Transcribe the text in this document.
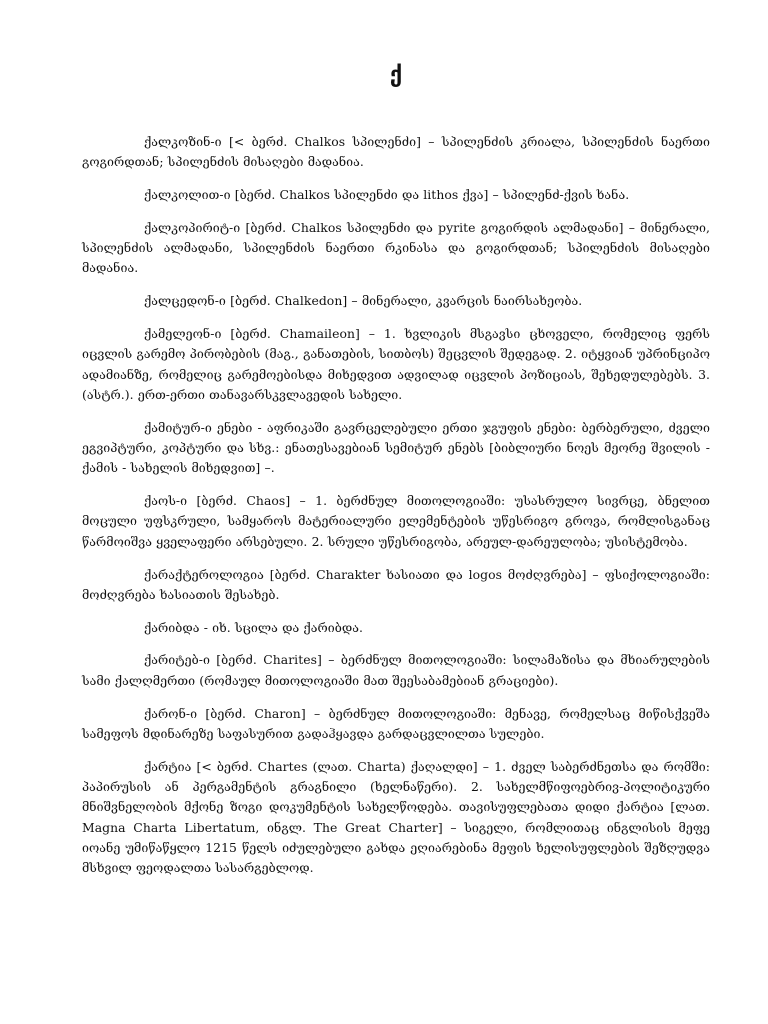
ქ

ქალკოზინ-ი [< ბერძ. Chalkos სპილენძი] – სპილენძის კრიალა, სპილენძის ნაერთი გოგირდთან; სპილენძის მისაღები მადანია.

ქალკოლით-ი [ბერძ. Chalkos სპილენძი და lithos ქვა] – სპილენძ-ქვის ხანა.

ქალკოპირიტ-ი [ბერძ. Chalkos სპილენძი და pyrite გოგირდის ალმადანი] – მინერალი, სპილენძის ალმადანი, სპილენძის ნაერთი რკინასა და გოგირდთან; სპილენძის მისაღები მადანია.

ქალცედონ-ი [ბერძ. Chalkedon] – მინერალი, კვარცის ნაირსახეობა.

ქამელეონ-ი [ბერძ. Chamaileon] – 1. ხვლიკის მსგავსი ცხოველი, რომელიც ფერს იცვლის გარემო პირობების (მაგ., განათების, სითბოს) შეცვლის შედეგად. 2. იტყვიან უპრინციპო ადამიანზე, რომელიც გარემოებისდა მიხედვით ადვილად იცვლის პოზიციას, შეხედულებებს. 3. (ასტრ.). ერთ-ერთი თანავარსკვლავედის სახელი.

ქამიტურ-ი ენები - აფრიკაში გავრცელებული ერთი ჯგუფის ენები: ბერბერული, ძველი ეგვიპტური, კოპტური და სხვ.: ენათესავებიან სემიტურ ენებს [ბიბლიური ნოეს მეორე შვილის - ქამის - სახელის მიხედვით] –.

ქაოს-ი [ბერძ. Chaos] – 1. ბერძნულ მითოლოგიაში: უსასრულო სივრცე, ბნელით მოცული უფსკრული, სამყაროს მატერიალური ელემენტების უწესრიგო გროვა, რომლისგანაც წარმოიშვა ყველაფერი არსებული. 2. სრული უწესრიგობა, არეულ-დარეულობა; უსისტემობა.

ქარაქტეროლოგია [ბერძ. Charakter ხასიათი და logos მოძღვრება] – ფსიქოლოგიაში: მოძღვრება ხასიათის შესახებ.

ქარიბდა - იხ. სცილა და ქარიბდა.

ქარიტებ-ი [ბერძ. Charites] – ბერძნულ მითოლოგიაში: სილამაზისა და მხიარულების სამი ქალღმერთი (რომაულ მითოლოგიაში მათ შეესაბამებიან გრაციები).

ქარონ-ი [ბერძ. Charon] – ბერძნულ მითოლოგიაში: მენავე, რომელსაც მიწისქვეშა სამეფოს მდინარეზე საფასურით გადაჰყავდა გარდაცვლილთა სულები.

ქარტია [< ბერძ. Chartes (ლათ. Charta) ქაღალდი] – 1. ძველ საბერძნეთსა და რომში: პაპირუსის ან პერგამენტის გრაგნილი (ხელნაწერი). 2. სახელმწიფოებრივ-პოლიტიკური მნიშვნელობის მქონე ზოგი დოკუმენტის სახელწოდება. თავისუფლებათა დიდი ქარტია [ლათ. Magna Charta Libertatum, ინგლ. The Great Charter] – სიგელი, რომლითაც ინგლისის მეფე იოანე უმიწაწყლო 1215 წელს იძულებული გახდა ეღიარებინა მეფის ხელისუფლების შეზღუდვა მსხვილ ფეოდალთა სასარგებლოდ.
